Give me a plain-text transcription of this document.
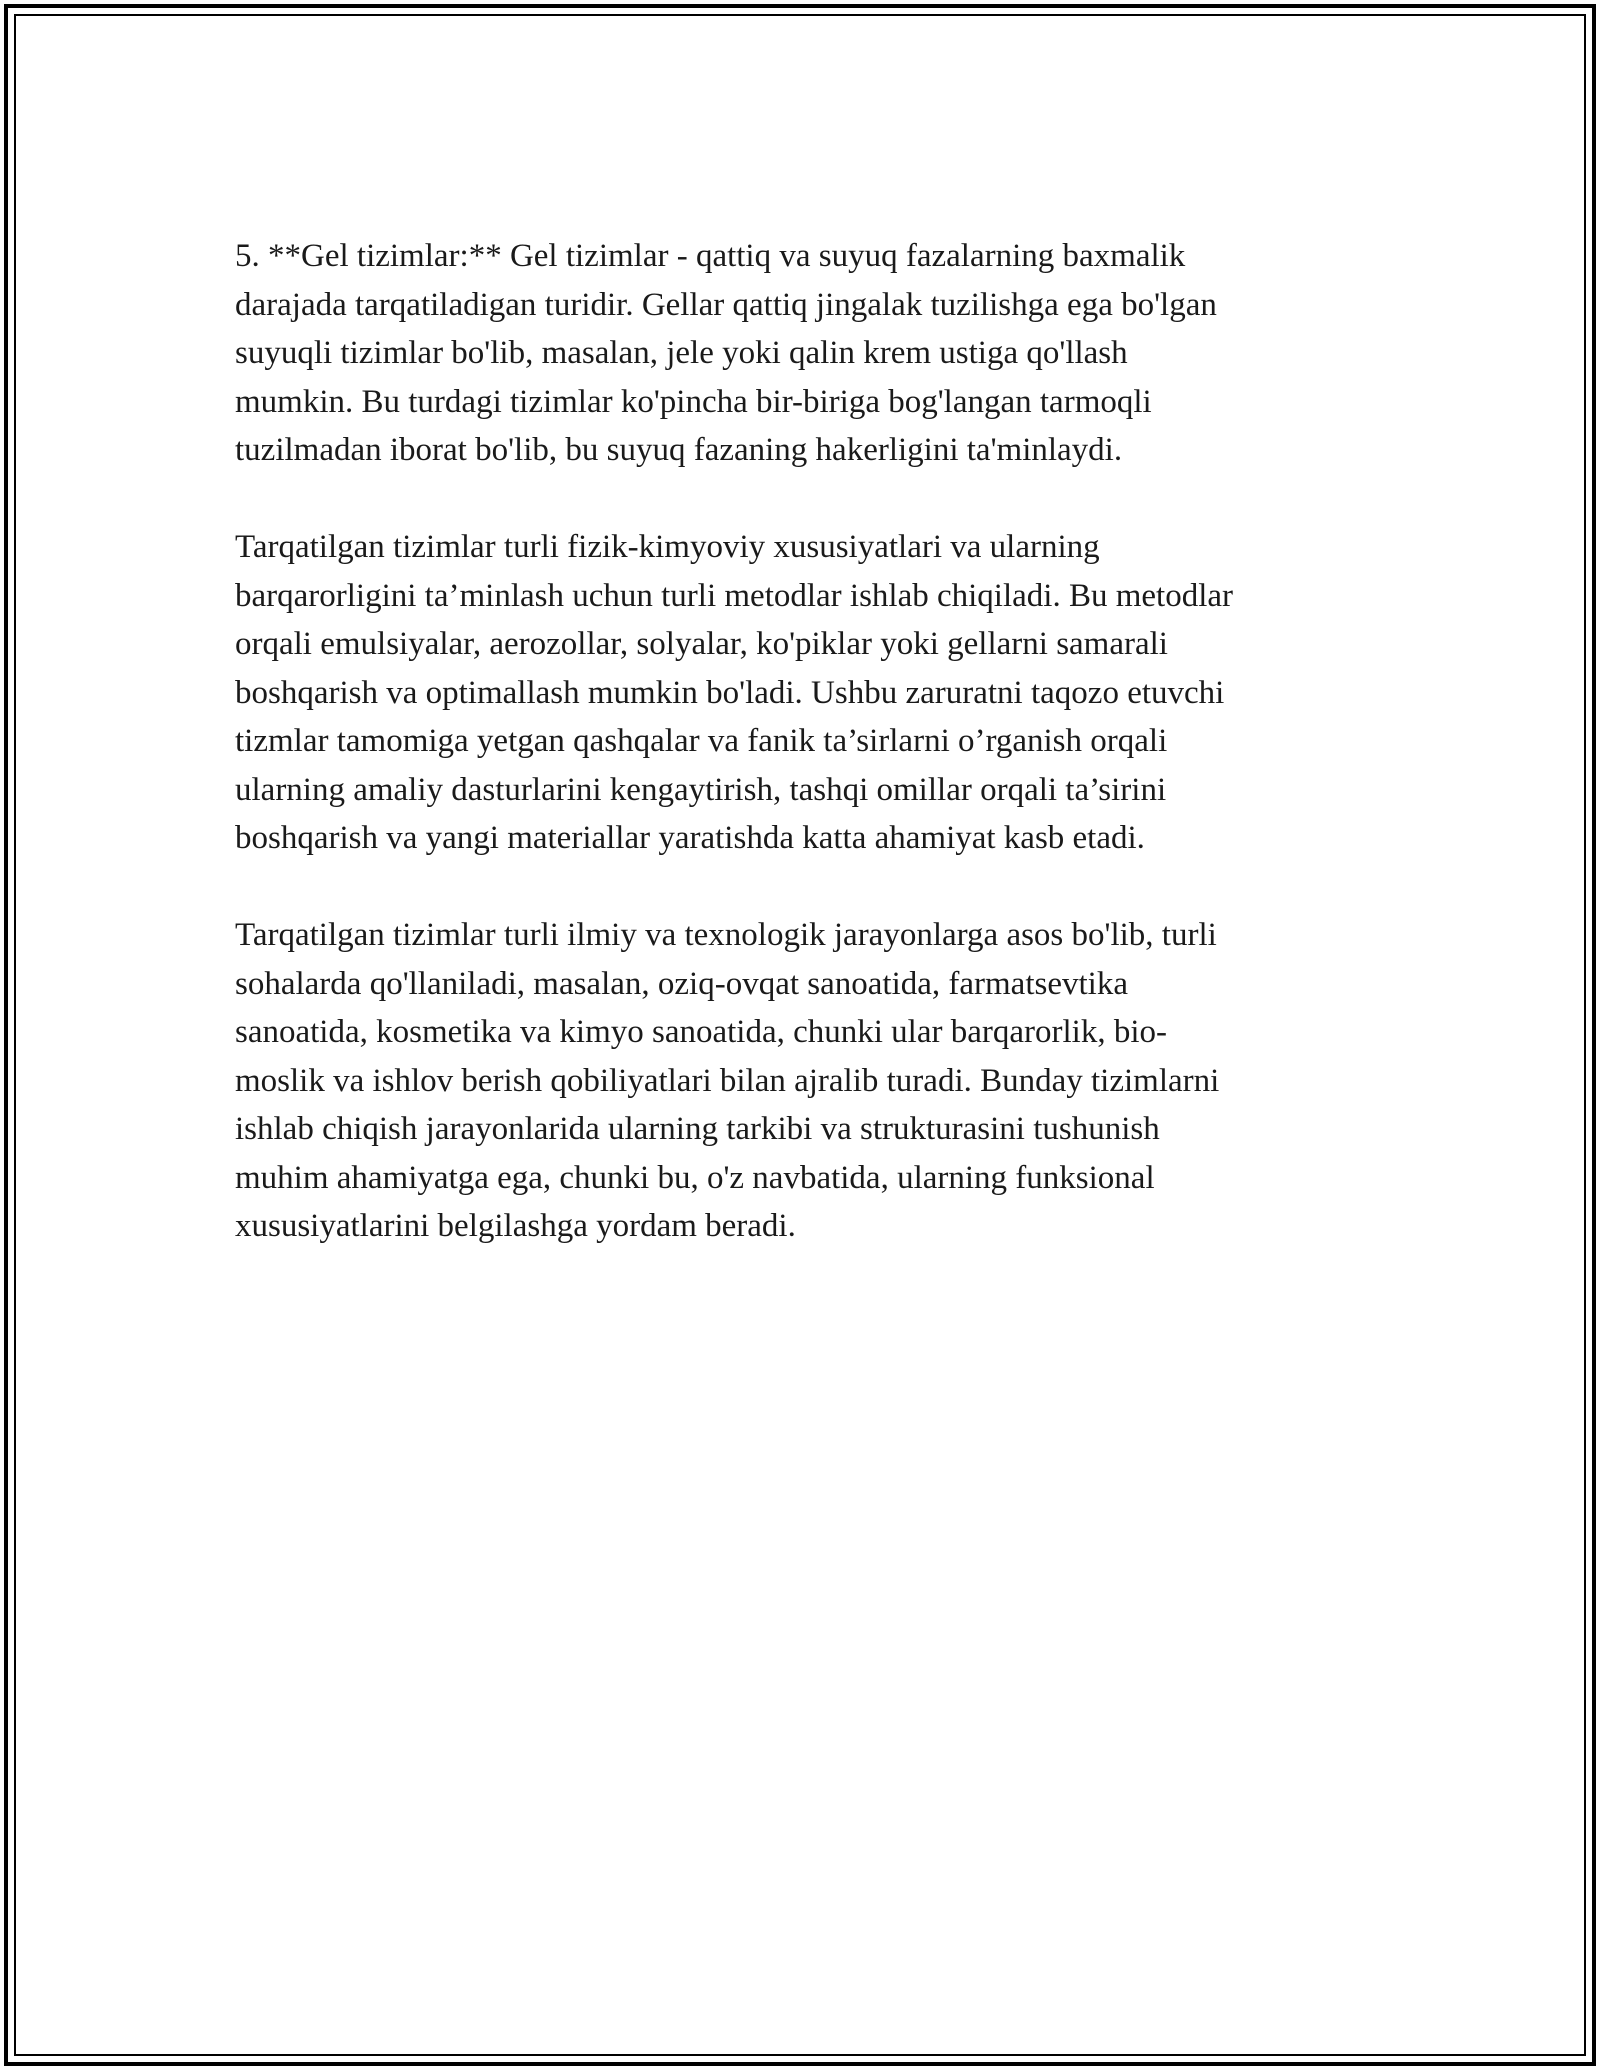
5. **Gel tizimlar:** Gel tizimlar - qattiq va suyuq fazalarning baxmalik
darajada tarqatiladigan turidir. Gellar qattiq jingalak tuzilishga ega bo'lgan
suyuqli tizimlar bo'lib, masalan, jele yoki qalin krem ustiga qo'llash
mumkin. Bu turdagi tizimlar ko'pincha bir-biriga bog'langan tarmoqli
tuzilmadan iborat bo'lib, bu suyuq fazaning hakerligini ta'minlaydi.

Tarqatilgan tizimlar turli fizik-kimyoviy xususiyatlari va ularning
barqarorligini ta’minlash uchun turli metodlar ishlab chiqiladi. Bu metodlar
orqali emulsiyalar, aerozollar, solyalar, ko'piklar yoki gellarni samarali
boshqarish va optimallash mumkin bo'ladi. Ushbu zaruratni taqozo etuvchi
tizmlar tamomiga yetgan qashqalar va fanik ta’sirlarni o’rganish orqali
ularning amaliy dasturlarini kengaytirish, tashqi omillar orqali ta’sirini
boshqarish va yangi materiallar yaratishda katta ahamiyat kasb etadi.

Tarqatilgan tizimlar turli ilmiy va texnologik jarayonlarga asos bo'lib, turli
sohalarda qo'llaniladi, masalan, oziq-ovqat sanoatida, farmatsevtika
sanoatida, kosmetika va kimyo sanoatida, chunki ular barqarorlik, bio-
moslik va ishlov berish qobiliyatlari bilan ajralib turadi. Bunday tizimlarni
ishlab chiqish jarayonlarida ularning tarkibi va strukturasini tushunish
muhim ahamiyatga ega, chunki bu, o'z navbatida, ularning funksional
xususiyatlarini belgilashga yordam beradi.
